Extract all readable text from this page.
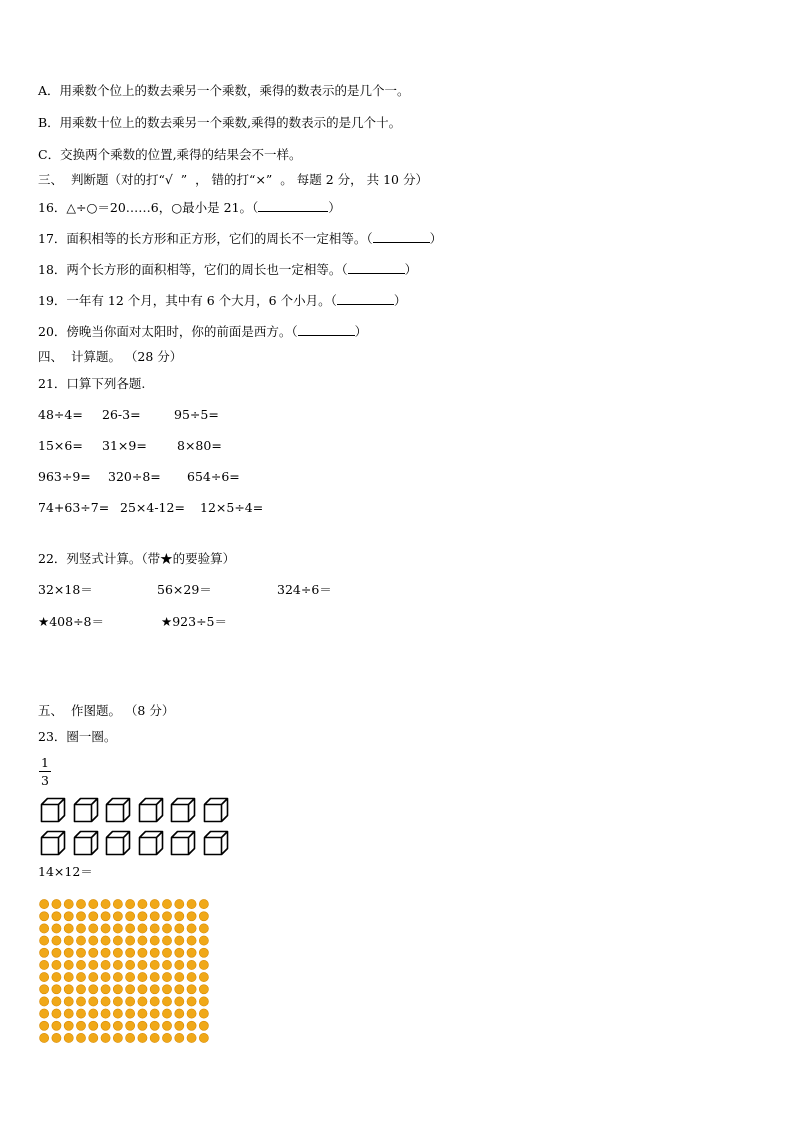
A．用乘数个位上的数去乘另一个乘数，乘得的数表示的是几个一。
B．用乘数十位上的数去乘另一个乘数,乘得的数表示的是几个十。
C．交换两个乘数的位置,乘得的结果会不一样。
三、  判断题（对的打“√  ”  ， 错的打“×”  。 每题 2 分， 共 10 分）
16．△÷○＝20……6，○最小是 21。（	）
17．面积相等的长方形和正方形，它们的周长不一定相等。（	）
18．两个长方形的面积相等，它们的周长也一定相等。（	）
19．一年有 12 个月，其中有 6 个大月，6 个小月。（	）
20．傍晚当你面对太阳时，你的前面是西方。（	）
四、  计算题。 （28 分）
21．口算下列各题.
48÷4= 26-3=	95÷5=
15×6= 31×9= 8×80=
963÷9= 320÷8= 654÷6=
74+63÷7= 25×4-12= 12×5÷4=
22．列竖式计算。（带★的要验算）
32×18＝	56×29＝	324÷6＝
★408÷8＝	★923÷5＝
五、  作图题。 （8 分）
23．圈一圈。
1
3
14×12＝
